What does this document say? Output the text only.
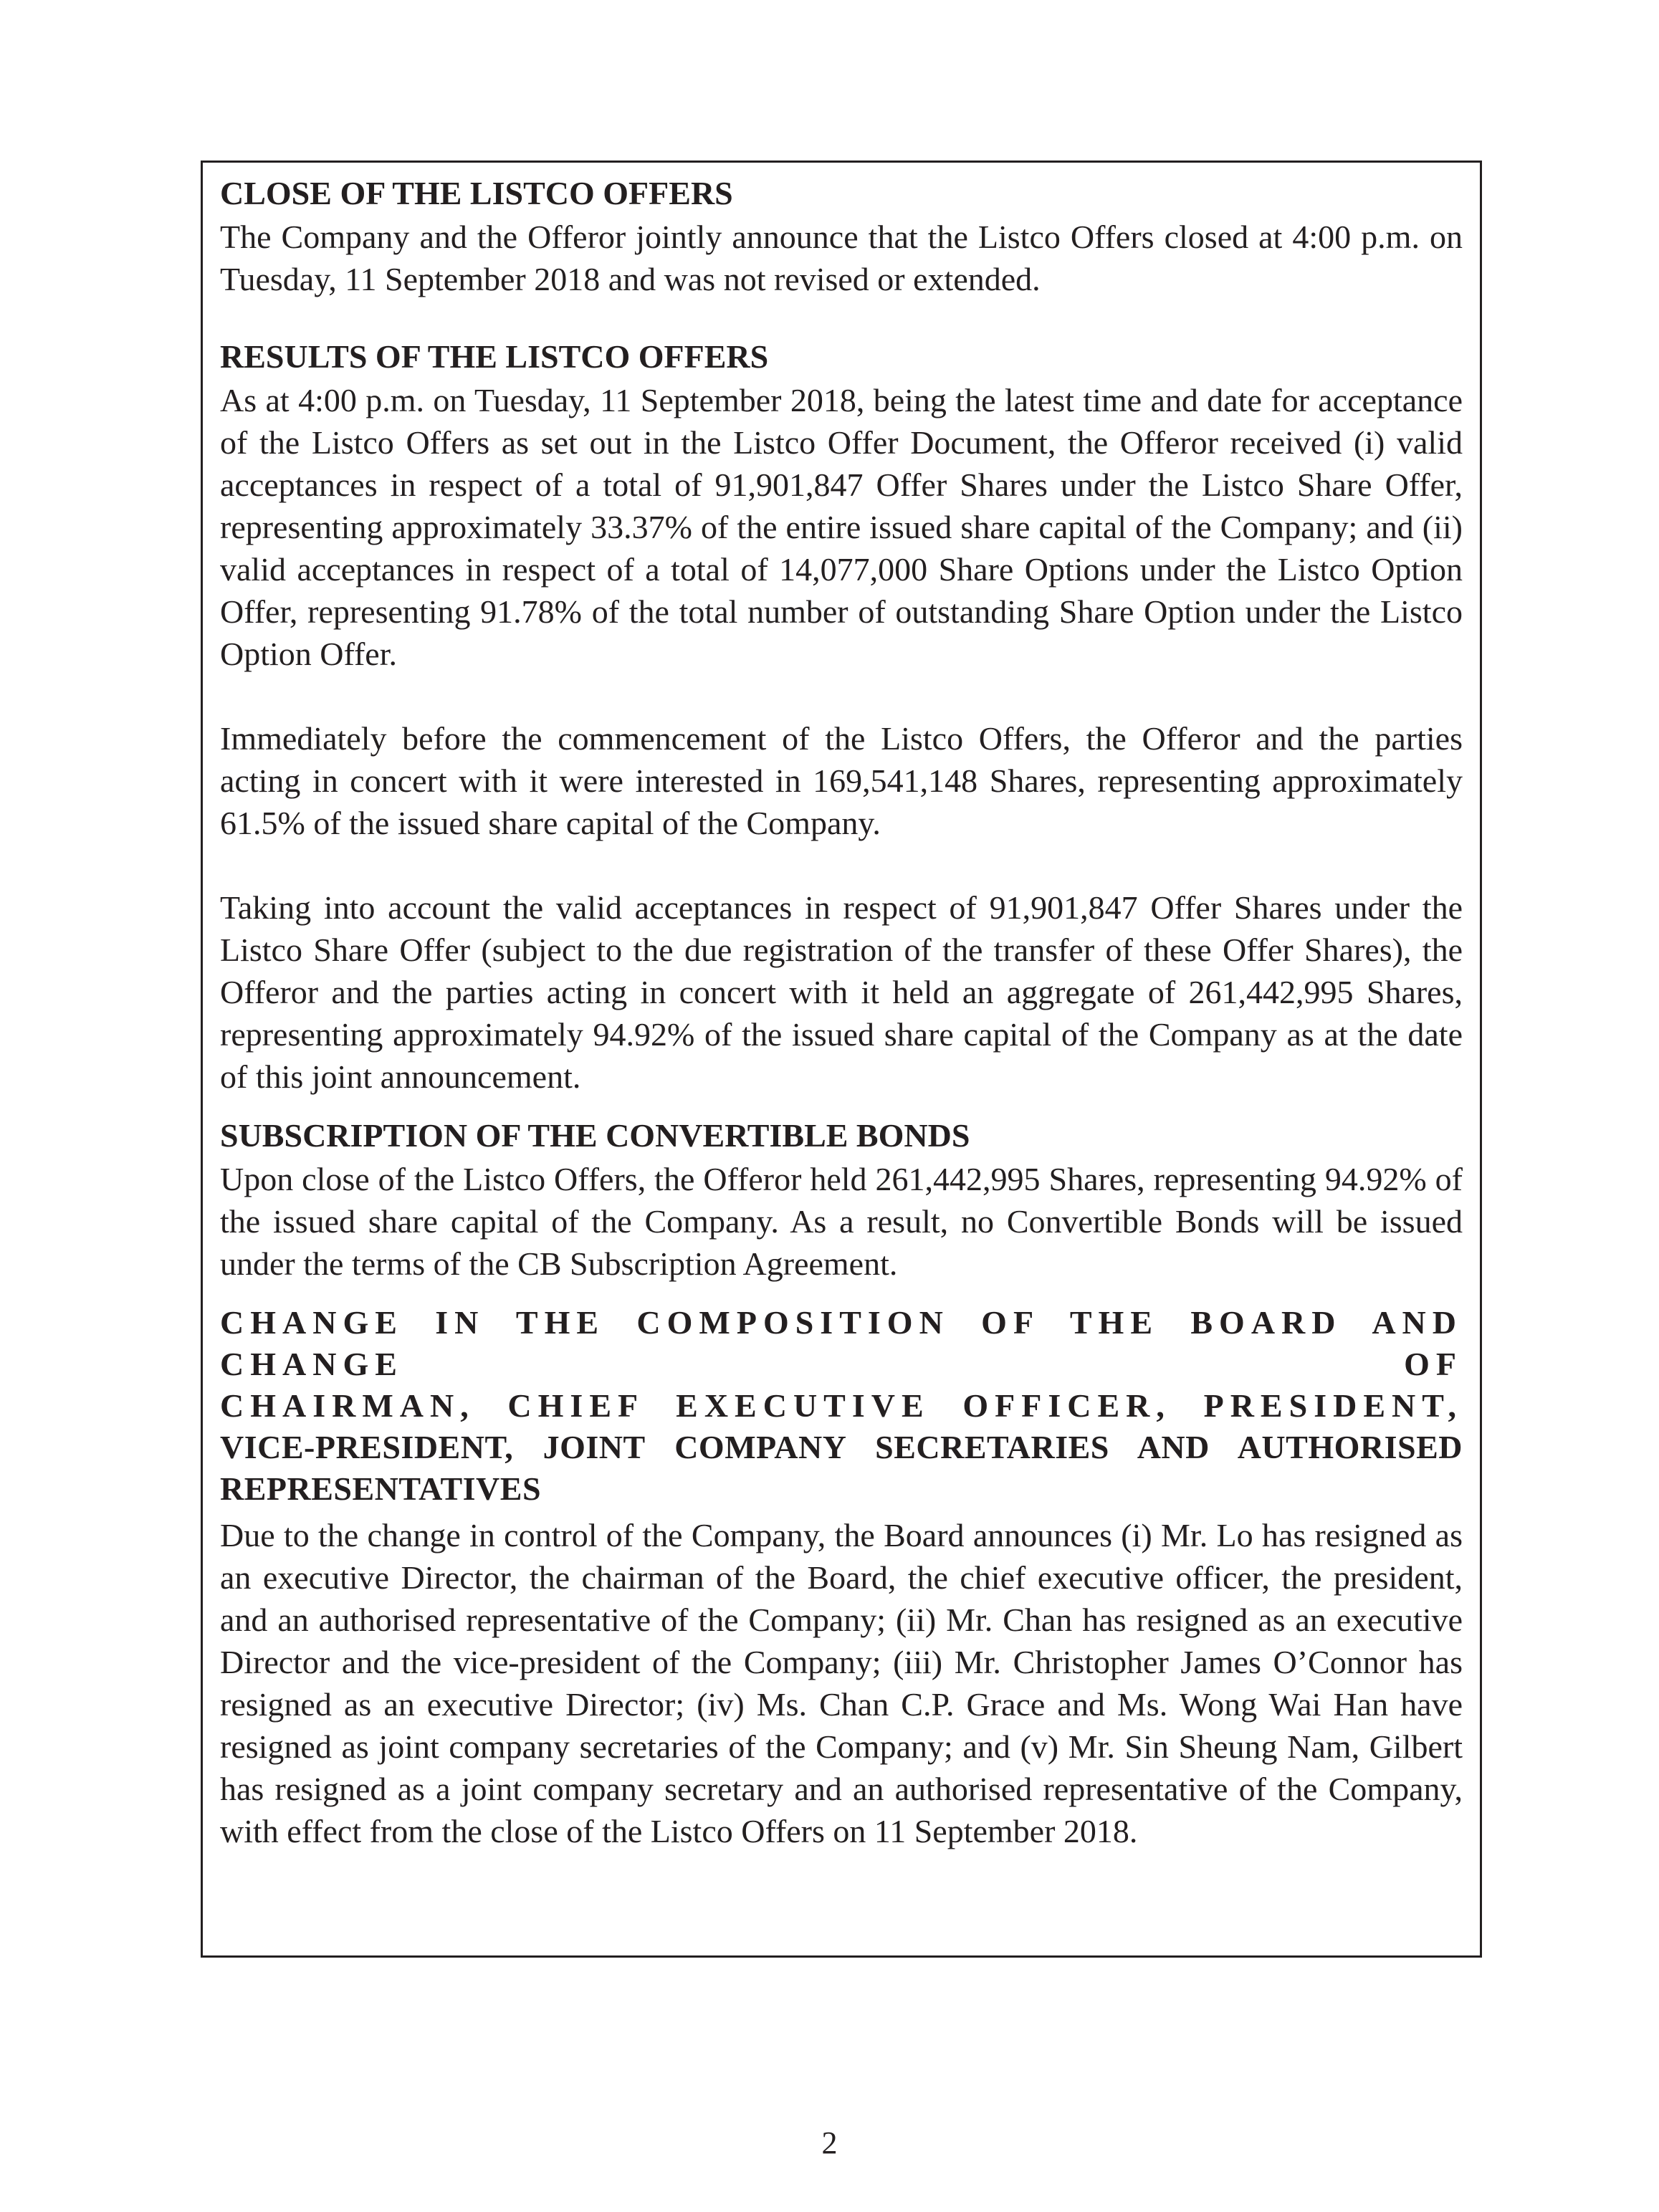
CLOSE OF THE LISTCO OFFERS

The Company and the Offeror jointly announce that the Listco Offers closed at 4:00 p.m. on Tuesday, 11 September 2018 and was not revised or extended.

RESULTS OF THE LISTCO OFFERS

As at 4:00 p.m. on Tuesday, 11 September 2018, being the latest time and date for acceptance of the Listco Offers as set out in the Listco Offer Document, the Offeror received (i) valid acceptances in respect of a total of 91,901,847 Offer Shares under the Listco Share Offer, representing approximately 33.37% of the entire issued share capital of the Company; and (ii) valid acceptances in respect of a total of 14,077,000 Share Options under the Listco Option Offer, representing 91.78% of the total number of outstanding Share Option under the Listco Option Offer.

Immediately before the commencement of the Listco Offers, the Offeror and the parties acting in concert with it were interested in 169,541,148 Shares, representing approximately 61.5% of the issued share capital of the Company.

Taking into account the valid acceptances in respect of 91,901,847 Offer Shares under the Listco Share Offer (subject to the due registration of the transfer of these Offer Shares), the Offeror and the parties acting in concert with it held an aggregate of 261,442,995 Shares, representing approximately 94.92% of the issued share capital of the Company as at the date of this joint announcement.

SUBSCRIPTION OF THE CONVERTIBLE BONDS

Upon close of the Listco Offers, the Offeror held 261,442,995 Shares, representing 94.92% of the issued share capital of the Company. As a result, no Convertible Bonds will be issued under the terms of the CB Subscription Agreement.

CHANGE IN THE COMPOSITION OF THE BOARD AND CHANGE OF
CHAIRMAN, CHIEF EXECUTIVE OFFICER, PRESIDENT,
VICE-PRESIDENT, JOINT COMPANY SECRETARIES AND AUTHORISED REPRESENTATIVES

Due to the change in control of the Company, the Board announces (i) Mr. Lo has resigned as an executive Director, the chairman of the Board, the chief executive officer, the president, and an authorised representative of the Company; (ii) Mr. Chan has resigned as an executive Director and the vice-president of the Company; (iii) Mr. Christopher James O’Connor has resigned as an executive Director; (iv) Ms. Chan C.P. Grace and Ms. Wong Wai Han have resigned as joint company secretaries of the Company; and (v) Mr. Sin Sheung Nam, Gilbert has resigned as a joint company secretary and an authorised representative of the Company, with effect from the close of the Listco Offers on 11 September 2018.

2
